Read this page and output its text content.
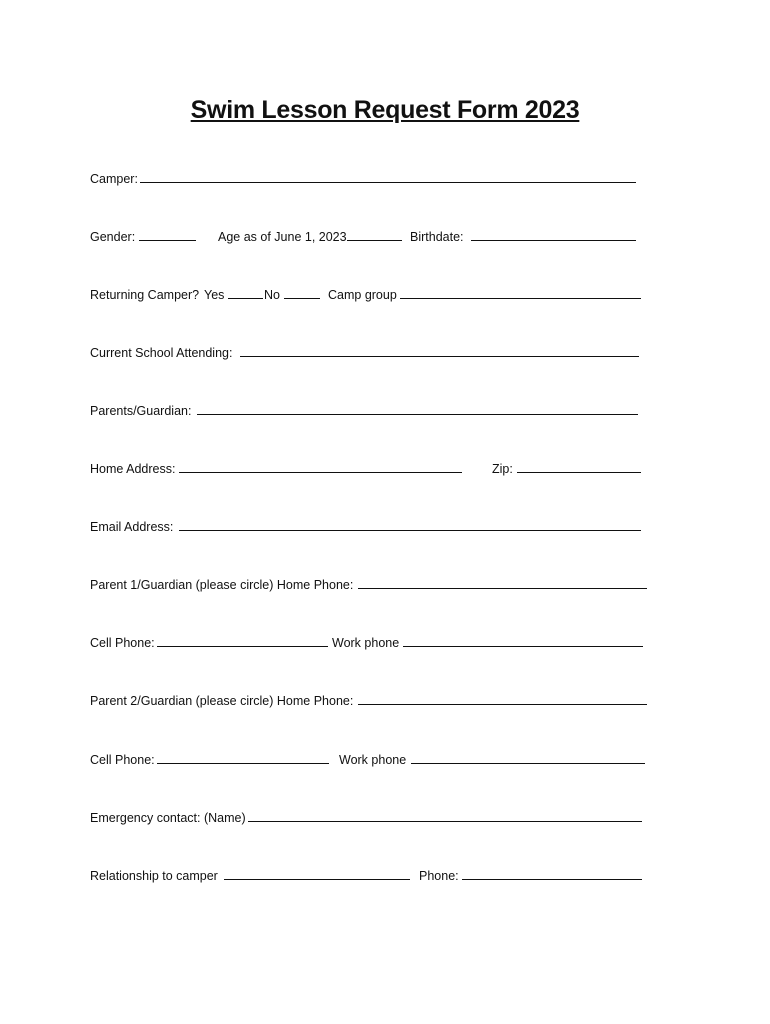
Swim Lesson Request Form 2023
Camper:
Gender:	Age as of June 1, 2023	Birthdate:
Returning Camper? Yes	No	Camp group
Current School Attending:
Parents/Guardian:
Home Address:	Zip:
Email Address:
Parent 1/Guardian (please circle) Home Phone:
Cell Phone:	Work phone
Parent 2/Guardian (please circle) Home Phone:
Cell Phone:	Work phone
Emergency contact: (Name)
Relationship to camper	Phone:
